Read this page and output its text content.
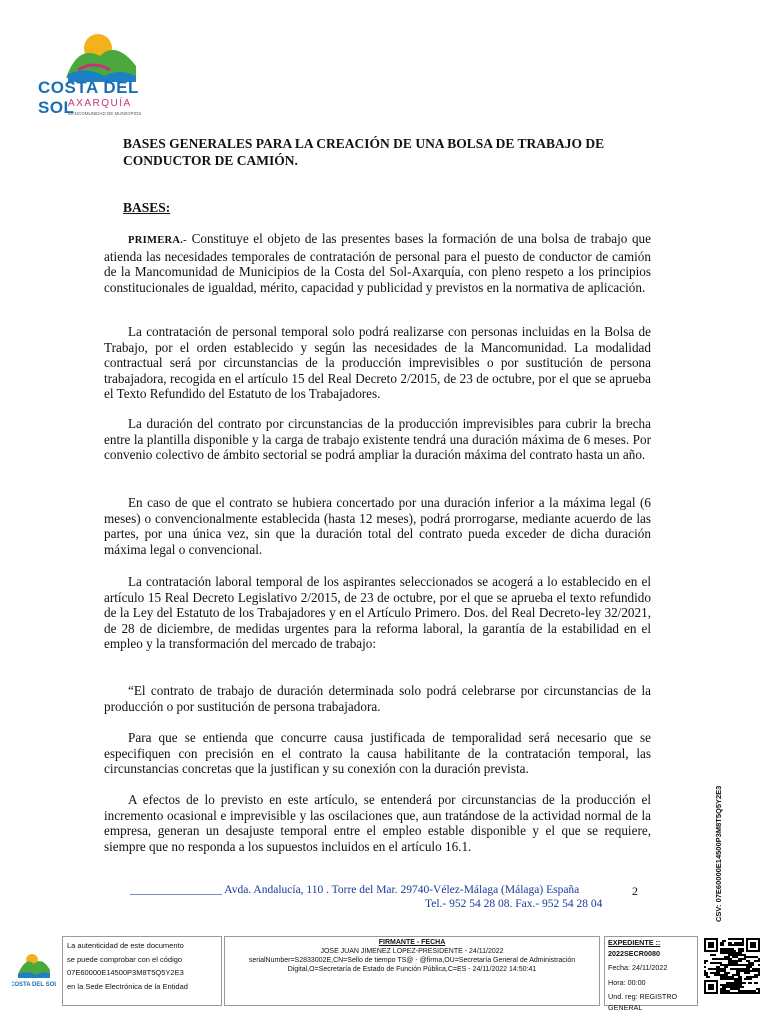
COSTA DEL SOL
AXARQUÍA
MANCOMUNIDAD DE MUNICIPIOS
BASES GENERALES PARA LA CREACIÓN DE UNA BOLSA DE TRABAJO DE CONDUCTOR DE CAMIÓN.
BASES:
PRIMERA.- Constituye el objeto de las presentes bases la formación de una bolsa de trabajo que atienda las necesidades temporales de contratación de personal para el puesto de conductor de camión de la Mancomunidad de Municipios de la Costa del Sol-Axarquía, con pleno respeto a los principios constitucionales de igualdad, mérito, capacidad y publicidad y previstos en la normativa de aplicación.
La contratación de personal temporal solo podrá realizarse con personas incluidas en la Bolsa de Trabajo, por el orden establecido y según las necesidades de la Mancomunidad. La modalidad contractual será por circunstancias de la producción imprevisibles o por sustitución de persona trabajadora, recogida en el artículo 15 del Real Decreto 2/2015, de 23 de octubre, por el que se aprueba el Texto Refundido del Estatuto de los Trabajadores.
La duración del contrato por circunstancias de la producción imprevisibles para cubrir la brecha entre la plantilla disponible y la carga de trabajo existente tendrá una duración máxima de 6 meses. Por convenio colectivo de ámbito sectorial se podrá ampliar la duración máxima del contrato hasta un año.
En caso de que el contrato se hubiera concertado por una duración inferior a la máxima legal (6 meses) o convencionalmente establecida (hasta 12 meses), podrá prorrogarse, mediante acuerdo de las partes, por una única vez, sin que la duración total del contrato pueda exceder de dicha duración máxima legal o convencional.
La contratación laboral temporal de los aspirantes seleccionados se acogerá a lo establecido en el artículo 15 Real Decreto Legislativo 2/2015, de 23 de octubre, por el que se aprueba el texto refundido de la Ley del Estatuto de los Trabajadores y en el Artículo Primero. Dos. del Real Decreto-ley 32/2021, de 28 de diciembre, de medidas urgentes para la reforma laboral, la garantía de la estabilidad en el empleo y la transformación del mercado de trabajo:
“El contrato de trabajo de duración determinada solo podrá celebrarse por circunstancias de la producción o por sustitución de persona trabajadora.
Para que se entienda que concurre causa justificada de temporalidad será necesario que se especifiquen con precisión en el contrato la causa habilitante de la contratación temporal, las circunstancias concretas que la justifican y su conexión con la duración prevista.
A efectos de lo previsto en este artículo, se entenderá por circunstancias de la producción el incremento ocasional e imprevisible y las oscilaciones que, aun tratándose de la actividad normal de la empresa, generan un desajuste temporal entre el empleo estable disponible y el que se requiere, siempre que no responda a los supuestos incluidos en el artículo 16.1.
________________ Avda. Andalucía, 110 . Torre del Mar. 29740-Vélez-Málaga (Málaga) España
Tel.- 952 54 28 08. Fax.- 952 54 28 04
2	CSV: 07E60000E14500P3M8T5Q5Y2E3
COSTA DEL SOL
La autenticidad de este documento
se puede comprobar con el código
07E60000E14500P3M8T5Q5Y2E3
en la Sede Electrónica de la Entidad
FIRMANTE - FECHA
JOSE JUAN JIMENEZ LOPEZ-PRESIDENTE - 24/11/2022
serialNumber=S2833002E,CN=Sello de tiempo TS@ - @firma,OU=Secretaría General de Administración
Digital,O=Secretaría de Estado de Función Pública,C=ES - 24/11/2022 14:50:41
EXPEDIENTE ::
2022SECR0080
Fecha: 24/11/2022
Hora: 00:00
Und. reg: REGISTRO GENERAL
